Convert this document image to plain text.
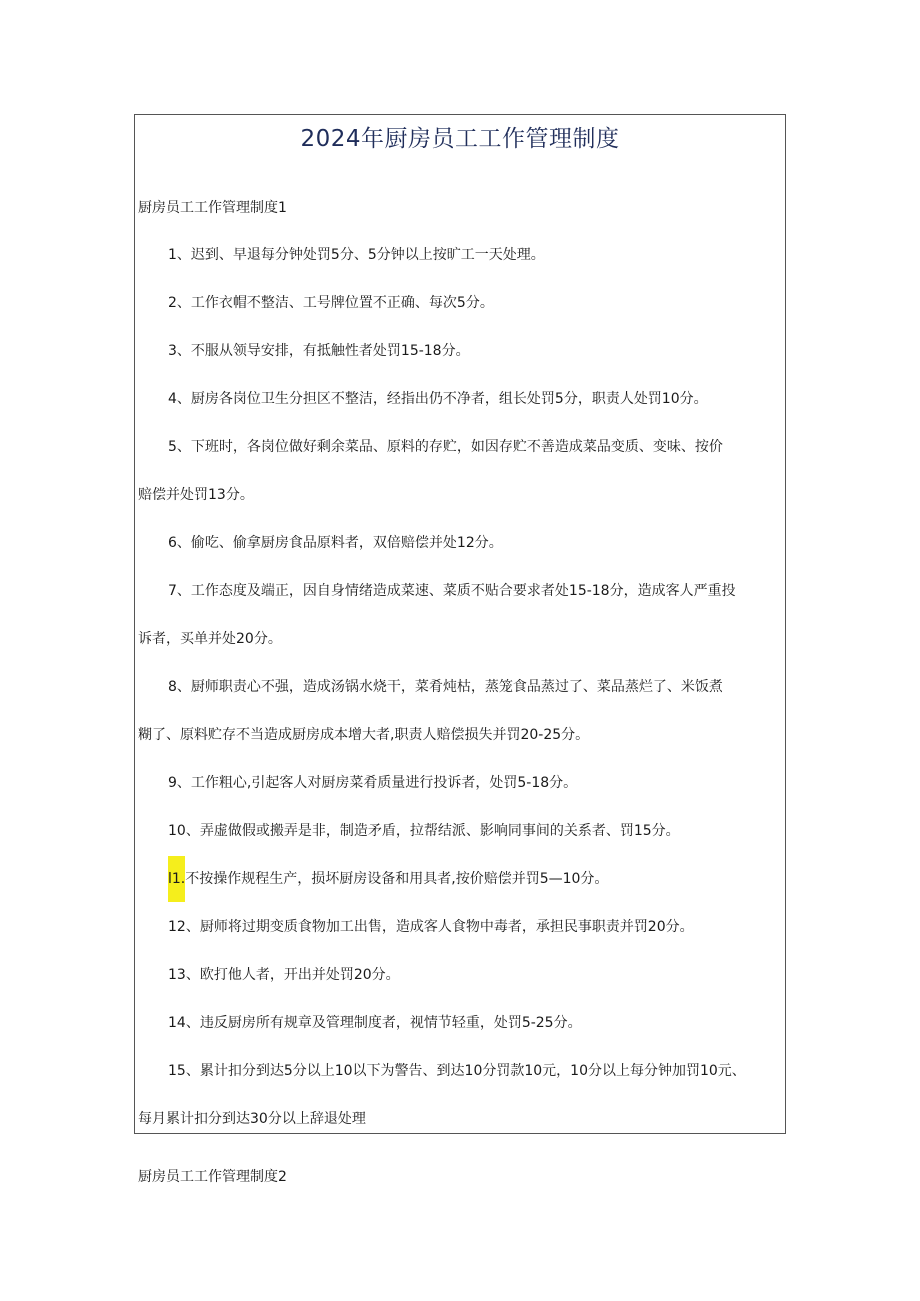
2024年厨房员工工作管理制度
厨房员工工作管理制度1
1、迟到、早退每分钟处罚5分、5分钟以上按旷工一天处理。
2、工作衣帽不整洁、工号牌位置不正确、每次5分。
3、不服从领导安排，有抵触性者处罚15-18分。
4、厨房各岗位卫生分担区不整洁，经指出仍不净者，组长处罚5分，职责人处罚10分。
5、下班时，各岗位做好剩余菜品、原料的存贮，如因存贮不善造成菜品变质、变味、按价
赔偿并处罚13分。
6、偷吃、偷拿厨房食品原料者，双倍赔偿并处12分。
7、工作态度及端正，因自身情绪造成菜速、菜质不贴合要求者处15-18分，造成客人严重投
诉者，买单并处20分。
8、厨师职责心不强，造成汤锅水烧干，菜肴炖枯，蒸笼食品蒸过了、菜品蒸烂了、米饭煮
糊了、原料贮存不当造成厨房成本增大者,职责人赔偿损失并罚20-25分。
9、工作粗心,引起客人对厨房菜肴质量进行投诉者，处罚5-18分。
10、弄虚做假或搬弄是非，制造矛盾，拉帮结派、影响同事间的关系者、罚15分。
l1.不按操作规程生产，损坏厨房设备和用具者,按价赔偿并罚5—10分。
12、厨师将过期变质食物加工出售，造成客人食物中毒者，承担民事职责并罚20分。
13、欧打他人者，开出并处罚20分。
14、违反厨房所有规章及管理制度者，视情节轻重，处罚5-25分。
15、累计扣分到达5分以上10以下为警告、到达10分罚款10元，10分以上每分钟加罚10元、
每月累计扣分到达30分以上辞退处理
厨房员工工作管理制度2
